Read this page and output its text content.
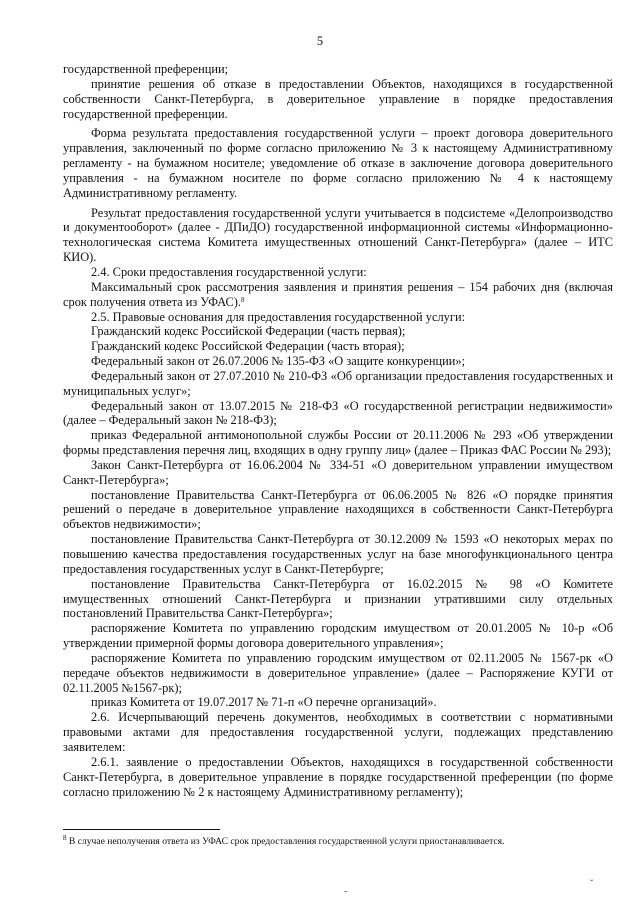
5

государственной преференции;

принятие решения об отказе в предоставлении Объектов, находящихся в государственной собственности Санкт-Петербурга, в доверительное управление в порядке предоставления государственной преференции.

Форма результата предоставления государственной услуги – проект договора доверительного управления, заключенный по форме согласно приложению № 3 к настоящему Административному регламенту - на бумажном носителе; уведомление об отказе в заключение договора доверительного управления - на бумажном носителе по форме согласно приложению № 4 к настоящему Административному регламенту.

Результат предоставления государственной услуги учитывается в подсистеме «Делопроизводство и документооборот» (далее - ДПиДО) государственной информационной системы «Информационно-технологическая система Комитета имущественных отношений Санкт-Петербурга» (далее – ИТС КИО).

2.4. Сроки предоставления государственной услуги:

Максимальный срок рассмотрения заявления и принятия решения – 154 рабочих дня (включая срок получения ответа из УФАС).$^8$

2.5. Правовые основания для предоставления государственной услуги:

Гражданский кодекс Российской Федерации (часть первая);

Гражданский кодекс Российской Федерации (часть вторая);

Федеральный закон от 26.07.2006 № 135-ФЗ «О защите конкуренции»;

Федеральный закон от 27.07.2010 № 210-ФЗ «Об организации предоставления государственных и муниципальных услуг»;

Федеральный закон от 13.07.2015 № 218-ФЗ «О государственной регистрации недвижимости» (далее – Федеральный закон № 218-ФЗ);

приказ Федеральной антимонопольной службы России от 20.11.2006 № 293 «Об утверждении формы представления перечня лиц, входящих в одну группу лиц» (далее – Приказ ФАС России № 293);

Закон Санкт-Петербурга от 16.06.2004 № 334-51 «О доверительном управлении имуществом Санкт-Петербурга»;

постановление Правительства Санкт-Петербурга от 06.06.2005 № 826 «О порядке принятия решений о передаче в доверительное управление находящихся в собственности Санкт-Петербурга объектов недвижимости»;

постановление Правительства Санкт-Петербурга от 30.12.2009 № 1593 «О некоторых мерах по повышению качества предоставления государственных услуг на базе многофункционального центра предоставления государственных услуг в Санкт-Петербурге;

постановление Правительства Санкт-Петербурга от 16.02.2015 № 98 «О Комитете имущественных отношений Санкт-Петербурга и признании утратившими силу отдельных постановлений Правительства Санкт-Петербурга»;

распоряжение Комитета по управлению городским имуществом от 20.01.2005 № 10-р «Об утверждении примерной формы договора доверительного управления»;

распоряжение Комитета по управлению городским имуществом от 02.11.2005 № 1567-рк «О передаче объектов недвижимости в доверительное управление» (далее – Распоряжение КУГИ от 02.11.2005 №1567-рк);

приказ Комитета от 19.07.2017 № 71-п «О перечне организаций».

2.6. Исчерпывающий перечень документов, необходимых в соответствии с нормативными правовыми актами для предоставления государственной услуги, подлежащих представлению заявителем:

2.6.1. заявление о предоставлении Объектов, находящихся в государственной собственности Санкт-Петербурга, в доверительное управление в порядке государственной преференции (по форме согласно приложению № 2 к настоящему Административному регламенту);

$^8$ В случае неполучения ответа из УФАС срок предоставления государственной услуги приостанавливается.
‑
ˇ
